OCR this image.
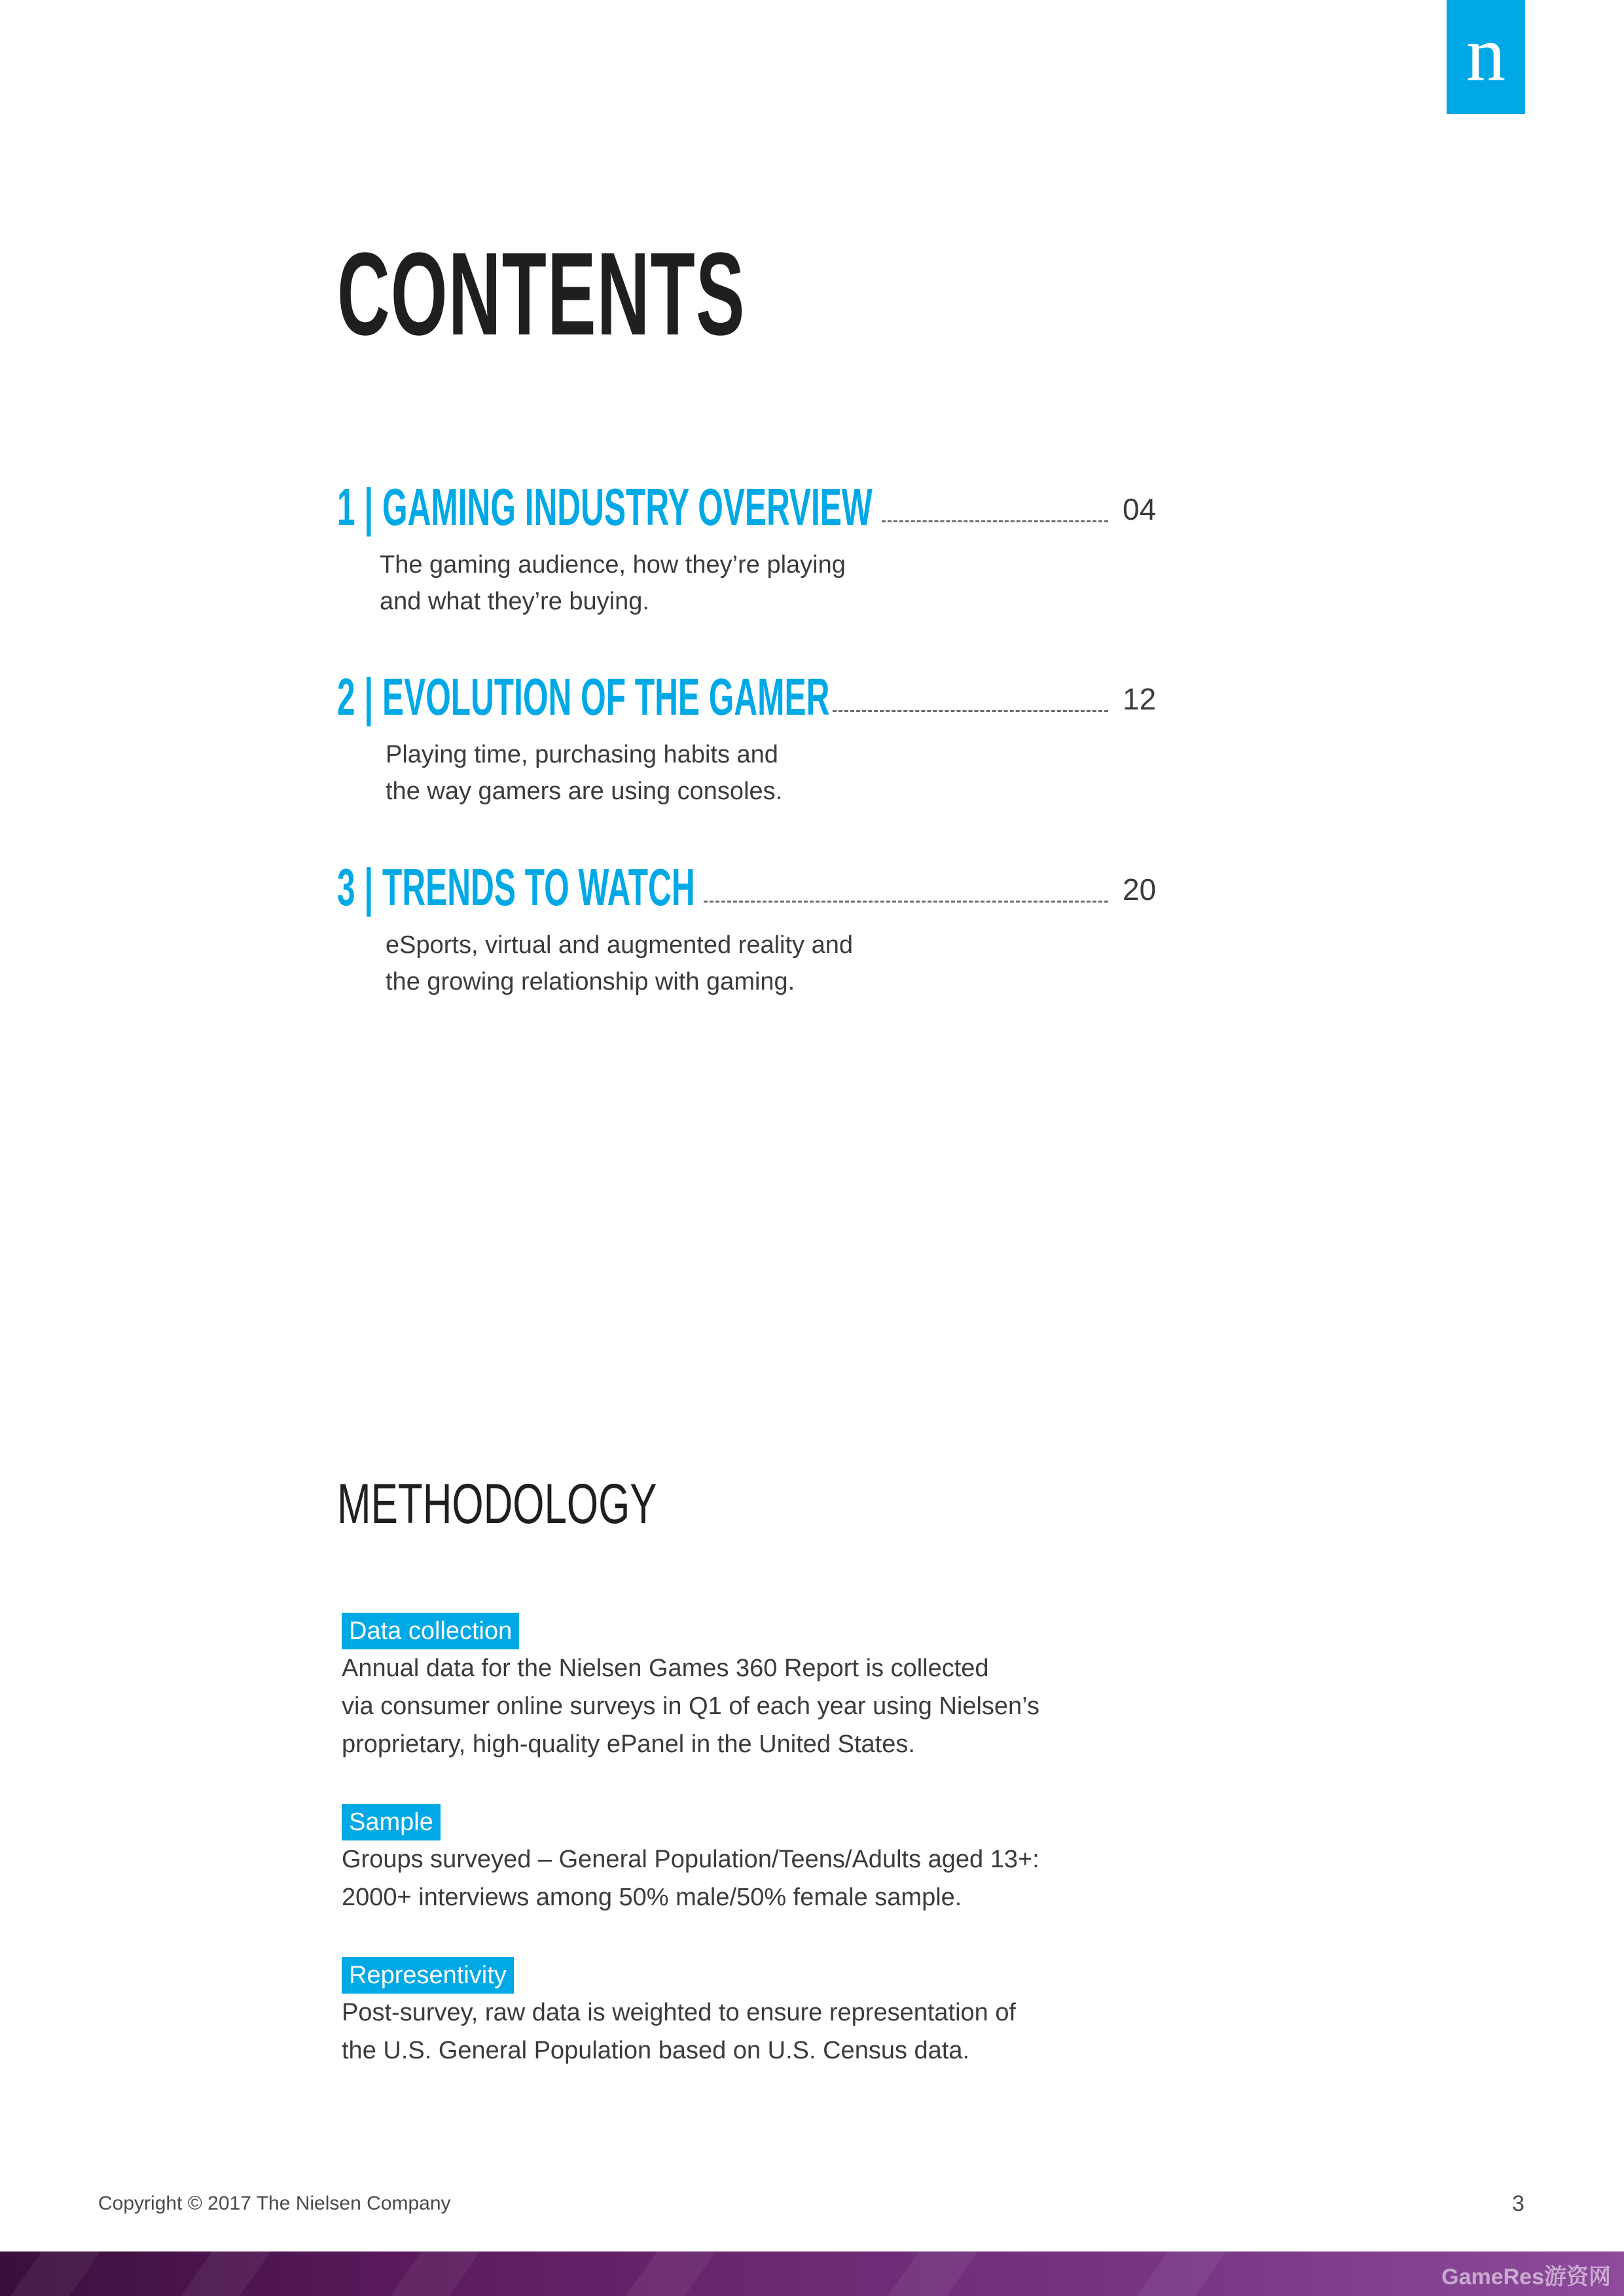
n
CONTENTS
1 | GAMING INDUSTRY OVERVIEW	04
The gaming audience, how they’re playing
and what they’re buying.
2 | EVOLUTION OF THE GAMER	12
Playing time, purchasing habits and
the way gamers are using consoles.
3 | TRENDS TO WATCH	20
eSports, virtual and augmented reality and
the growing relationship with gaming.
METHODOLOGY
Data collection
Annual data for the Nielsen Games 360 Report is collected
via consumer online surveys in Q1 of each year using Nielsen’s
proprietary, high-quality ePanel in the United States.
Sample
Groups surveyed – General Population/Teens/Adults aged 13+:
2000+ interviews among 50% male/50% female sample.
Representivity
Post-survey, raw data is weighted to ensure representation of
the U.S. General Population based on U.S. Census data.
Copyright © 2017 The Nielsen Company	3
GameRes游资网
